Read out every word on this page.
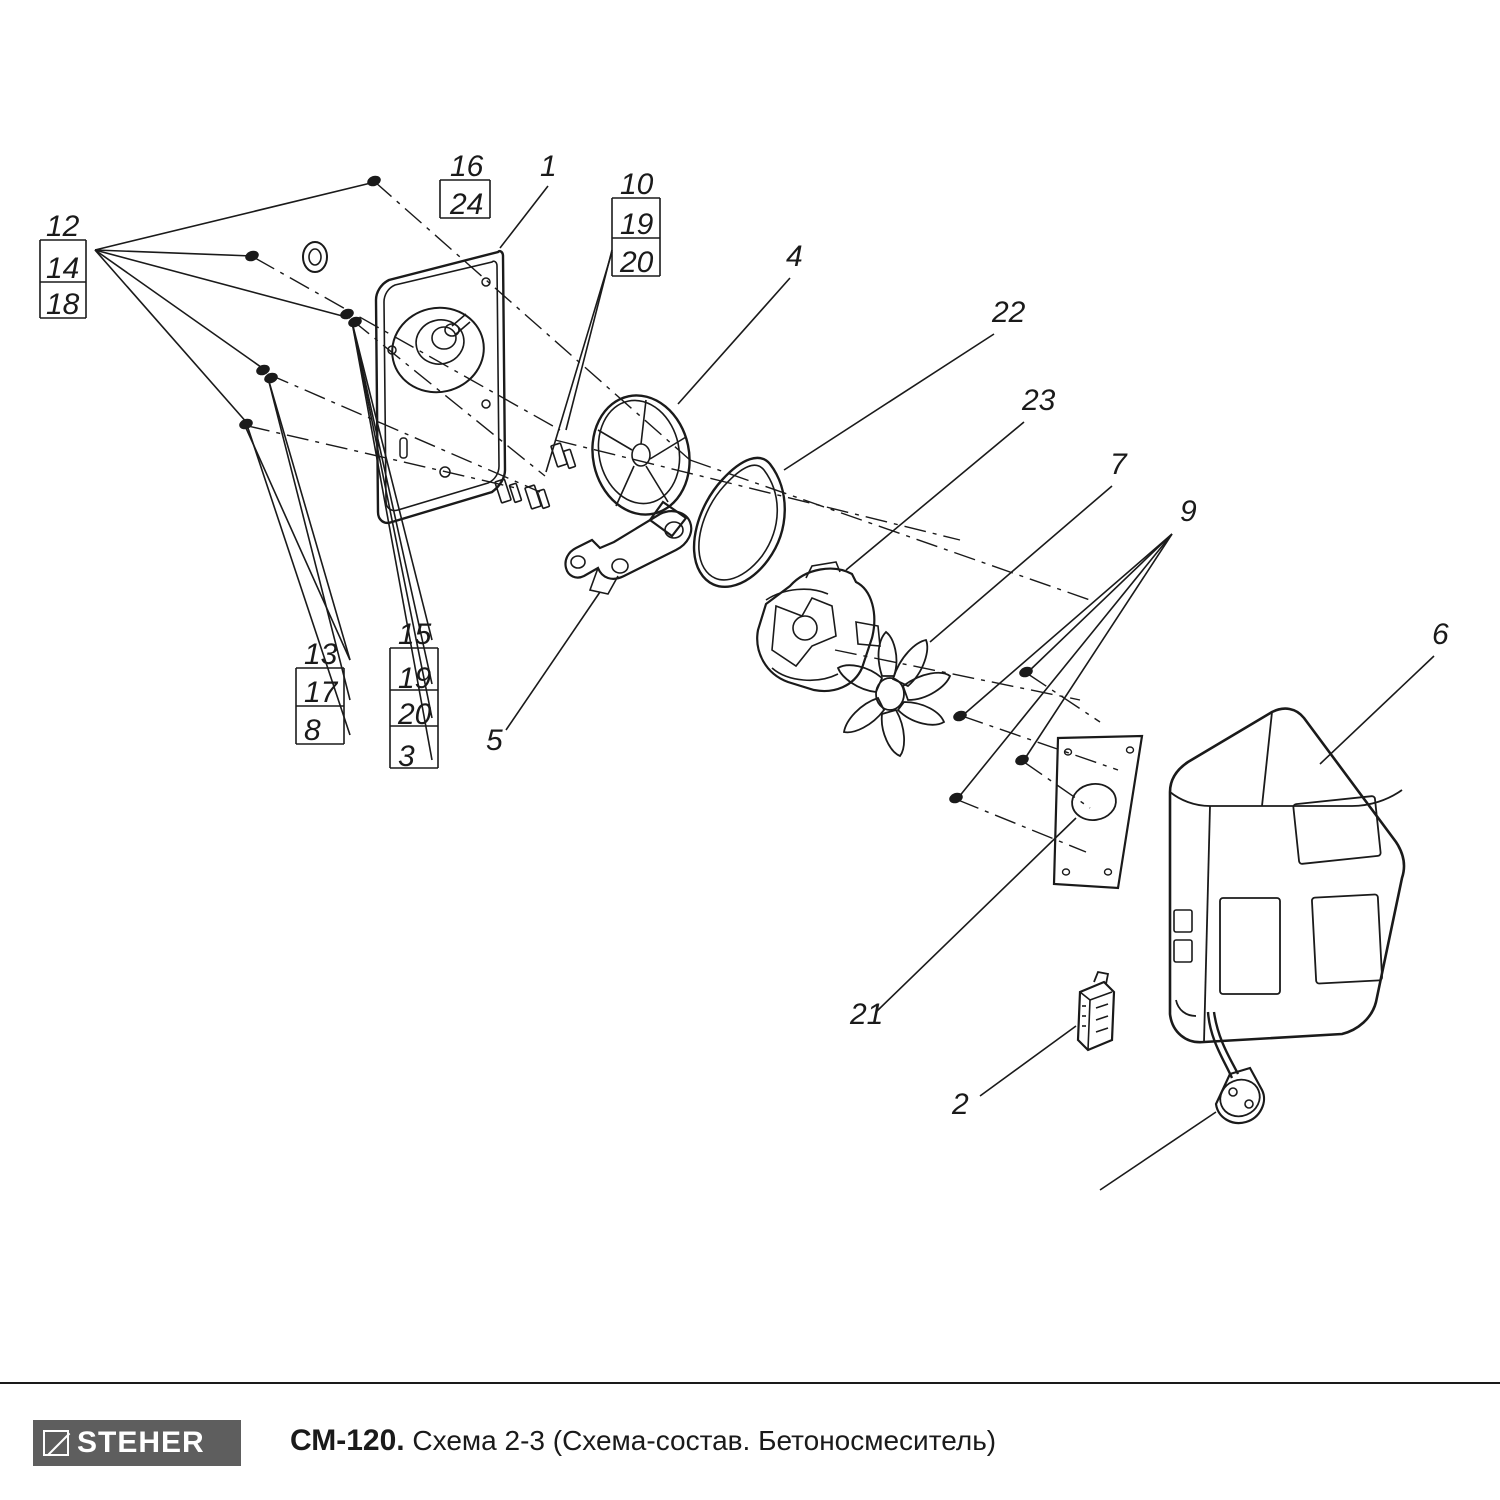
12
14
18
16
24
1
10
19
20
13
17
8
15
19
20
3 5
4
22
23
7
9
6
21
2
STEHER	СМ-120. Схема 2-3 (Схема-состав. Бетоносмеситель)
